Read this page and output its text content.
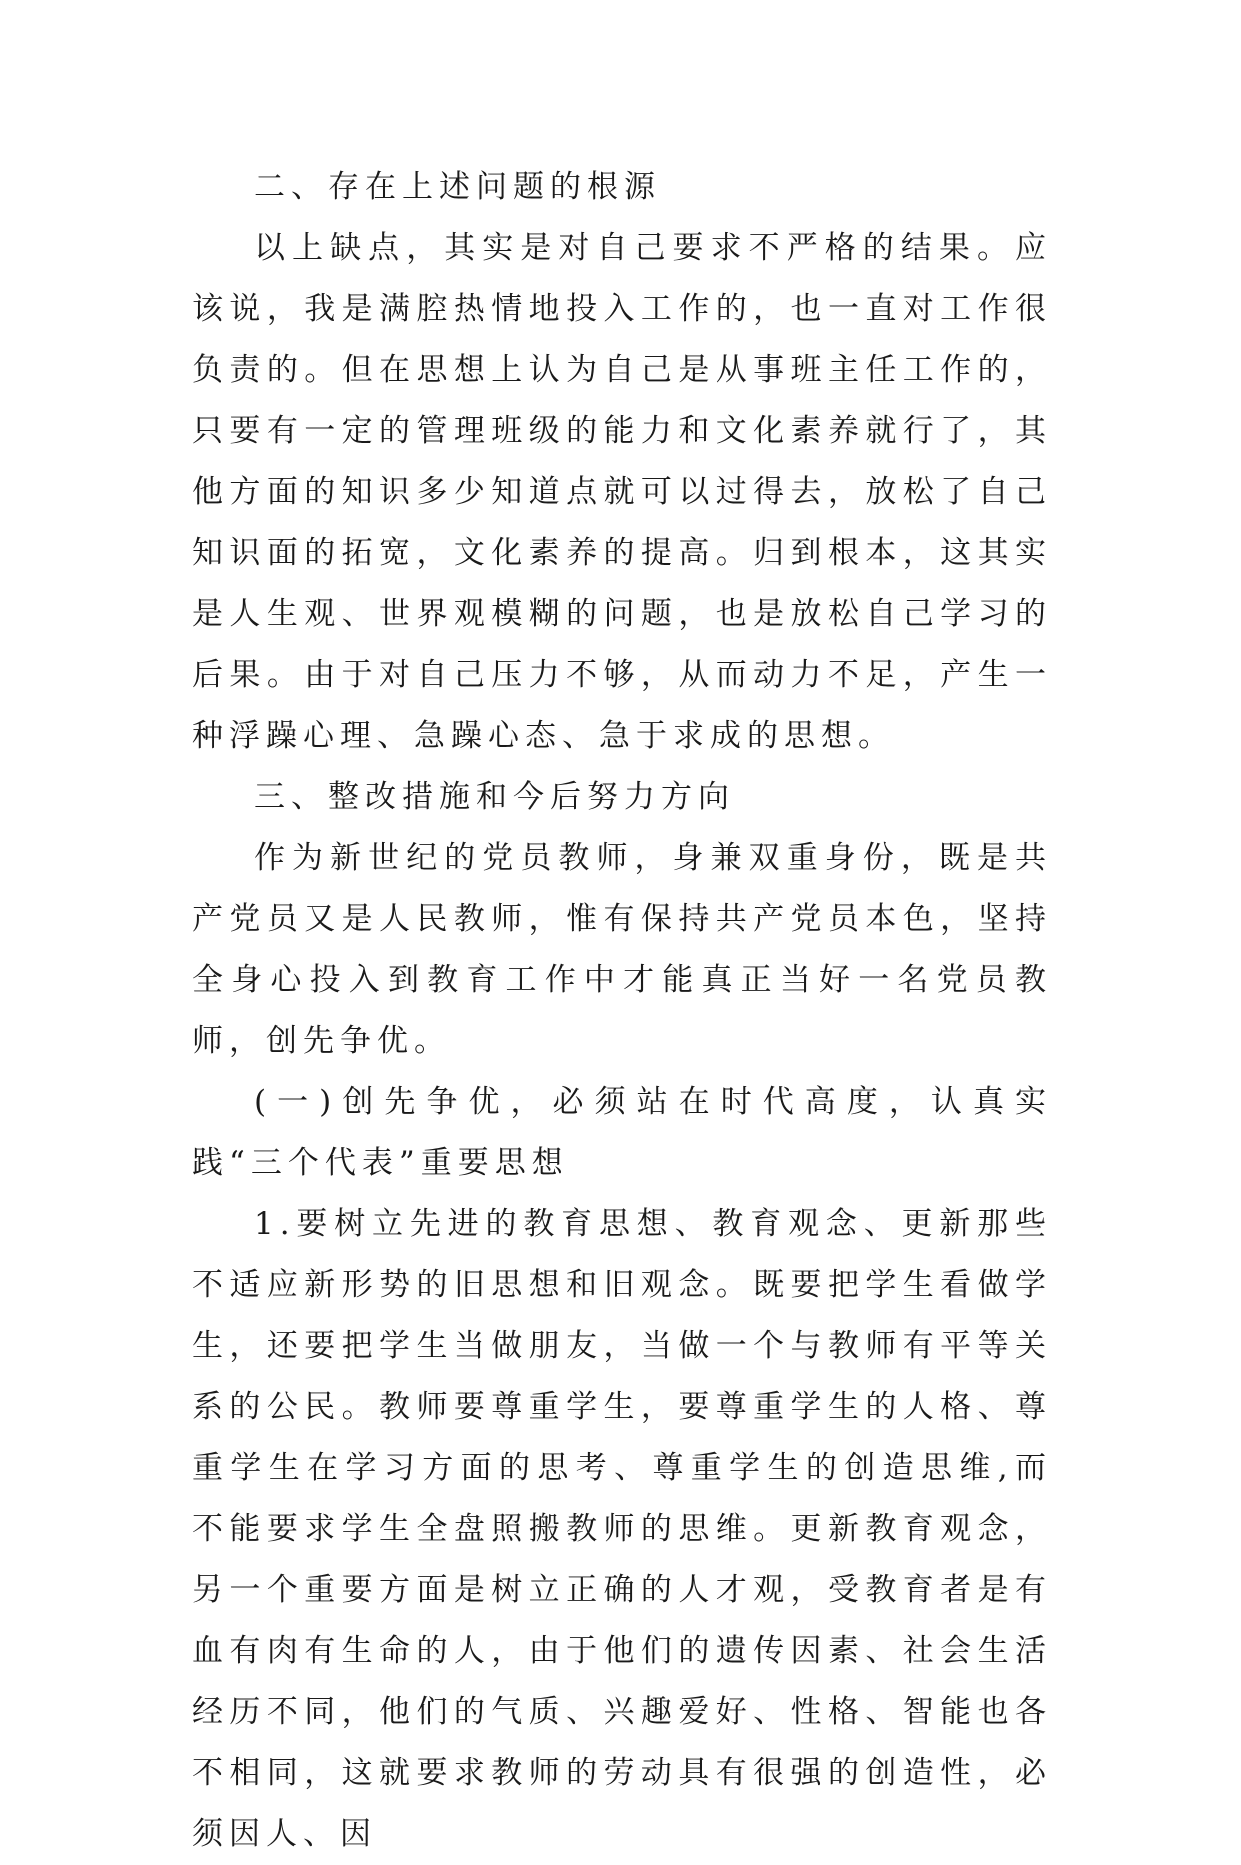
二、存在上述问题的根源

以上缺点，其实是对自己要求不严格的结果。应该说，我是满腔热情地投入工作的，也一直对工作很负责的。但在思想上认为自己是从事班主任工作的，只要有一定的管理班级的能力和文化素养就行了，其他方面的知识多少知道点就可以过得去，放松了自己知识面的拓宽，文化素养的提高。归到根本，这其实是人生观、世界观模糊的问题，也是放松自己学习的后果。由于对自己压力不够，从而动力不足，产生一种浮躁心理、急躁心态、急于求成的思想。

三、整改措施和今后努力方向

作为新世纪的党员教师，身兼双重身份，既是共产党员又是人民教师，惟有保持共产党员本色，坚持全身心投入到教育工作中才能真正当好一名党员教师，创先争优。

(一)创先争优，必须站在时代高度，认真实践“三个代表”重要思想

1.要树立先进的教育思想、教育观念、更新那些不适应新形势的旧思想和旧观念。既要把学生看做学生，还要把学生当做朋友，当做一个与教师有平等关系的公民。教师要尊重学生，要尊重学生的人格、尊重学生在学习方面的思考、尊重学生的创造思维,而不能要求学生全盘照搬教师的思维。更新教育观念，另一个重要方面是树立正确的人才观，受教育者是有血有肉有生命的人，由于他们的遗传因素、社会生活经历不同，他们的气质、兴趣爱好、性格、智能也各不相同，这就要求教师的劳动具有很强的创造性，必须因人、因
